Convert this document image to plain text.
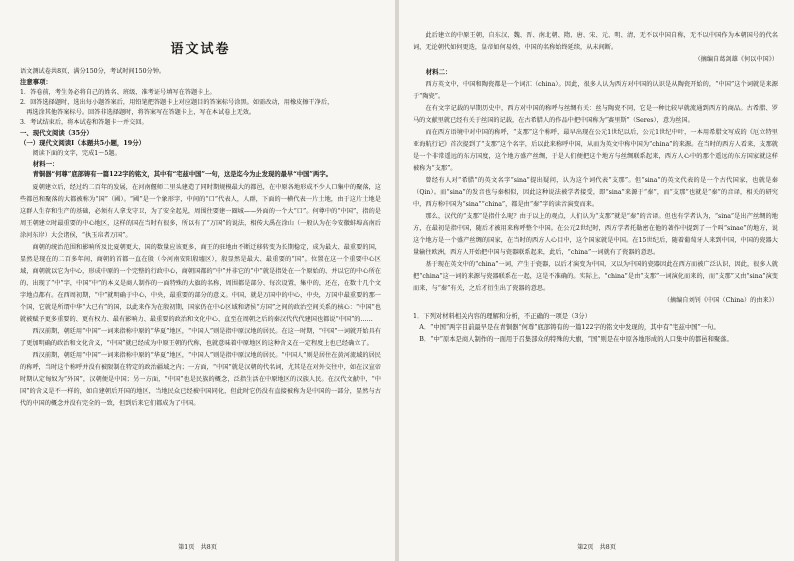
语文试卷

语文测试卷共8页，满分150分，考试时间150分钟。

注意事项：

1．答卷前，考生务必将自己的姓名、班级、准考证号填写在答题卡上。

2．回答选择题时，选出每小题答案后，用铅笔把答题卡上对应题目的答案标号涂黑。如需改动，用橡皮擦干净后，

再选涂其他答案标号。回答非选择题时，将答案写在答题卡上，写在本试卷上无效。

3．考试结束后，将本试卷和答题卡一并交回。

一、现代文阅读（35分）

（一）现代文阅读Ⅰ（本题共5小题，19分）

阅读下面的文字，完成1～5题。

材料一：

青铜器“何尊”底部铸有一篇122字的铭文，其中有“宅兹中国”一句，这是迄今为止发现的最早“中国”两字。

夏朝建立后，经过约二百年的发展，在河南偃师二里头建造了同时期规模最大的都邑，在中原各地形成不少人口集中的聚落，这些都邑和聚落的大都被称为“国”（國）。“國”是一个象形字，中间的“口”代表人，人群，下面的一横代表一片土地，由于这片土地是这群人生存和生产的基础，必须有人拿戈守卫，为了安全起见，周围往要建一圈城——外面的一个大“口”。何尊中的“中国”，指的是周王朝建立时最重要的中心地区，这样的国在当时有很多，所以有了“万国”的说法，相传大禹在涂山（一般认为在今安徽蚌埠高南后涂河东岸）大会诸侯，“执玉帛者万国”。

商朝的统治范围和影响所及比夏朝更大，国的数量应该更多，商王的驻地由不断迁移转变为长期稳定，成为最大、最重要的国，显然是现在的二百多年间，商朝的首都一直在殷（今河南安阳殷墟区），殷显然是最大、最重要的“国”。位置在这一个重要中心区域，商朝就以它为中心，形成中原的一个完整的行政中心，商朝国都的“中”并非它的“中”就是指处在一个原始的、并以它的中心所在的、出现了“中”字，中国“中”的本义是商人制作的一面特殊的大旗的名称，周围都是部分、每次设置，集中的，还在，在数十几个文字地点都有。在西周初期，“中”就明确于中心，中央，最重要的部分的意义。中国，就是万国中的中心，中央，万国中最重要的那一个国，它就是所谓中华“大已有”的国，以此来作为在殷初期，国家仍在中心区域和诸侯“方国”之间的政治空间关系的核心：“中国”也就被赋予更多重要的、更有权力、最有影响力、最重要的政治和文化中心、直至在周朝之后的秦汉代代代建国也都说“中国”的……

西汉前期，朝廷用“中国”一词来指称中原的“华夏”地区，“中国人”则是指中原汉地的居民。在这一时期，“中国”一词就开始具有了更加明确的政治和文化含义，“中国”就已经成为中原王朝的代称，也就意味着中原地区的这种含义在一定程度上也已经确立了。

西汉前期，朝廷用“中国”一词来指称中原的“华夏”地区，“中国人”则是指中原汉地的居民。“中国人”则是居住在黄河流域的居民的称呼，当时这个称呼并没有被限制在特定的政治疆域之内；一方面，“中国”就是汉朝的代名词，尤其是在对外交往中，如在汉宣帝时期认定匈奴为“外国”，汉朝便是中国；另一方面，“中国”也是民族的概念，泛指生活在中原地区的汉族人民。在汉代文献中，“中国”的含义是不一样的，如自建朝后开国的地区，当地民众已经被中国同化，但此时它仍没有直接被称为是中国的一部分，显然与古代的中国的概念并没有完全的一致，但到后来它们都成为了中国。

第1页　共8页

此后建立的中原王朝，自东汉、魏、晋、南北朝、隋、唐、宋、元、明、清，无不以中国自称，无不以中国作为本朝国号的代名词，无论朝代如何更迭，皇帝如何易姓，中国的名称始终延续，从未间断。

（摘编自葛剑雄《何以中国》）

材料二：

西方英文中，中国和陶瓷都是一个词汇（china）。因此，很多人认为西方对中国的认识是从陶瓷开始的，“中国”这个词就是来源于“陶瓷”。

在有文字记载的早期历史中，西方对中国的称呼与丝绸有关：丝与陶瓷不同，它是一种比较早就流通到西方的商品。古希腊、罗马的文献里就已经有关于丝国的记载，在古希腊人的作品中把中国称为“赛里斯”（Seres），意为丝国。

而在西方语境中对中国的称呼，“支那”这个称呼，最早出现在公元1世纪以后，公元1世纪中叶，一本用希腊文写成的《厄立特里亚海航行记》首次提到了“支那”这个名字，后以此来称呼中国，从而为英文中称中国为“china”的来源。在当时的西方人看来，支那就是一个非常遥远的东方国度，这个地方盛产丝绸，于是人们便把这个地方与丝绸联系起来，西方人心中的那个遥远的东方国家就这样被称为“支那”。

曾经有人对“希腊”的英文名字“sina”提出疑问，认为这个词代表“支那”。但“sina”的英文代表的是一个古代国家，也就是秦（Qin）。而“sina”的发音也与秦相似，因此这种说法被学者接受，即“sina”来源于“秦”，而“支那”也就是“秦”的音译，相关的研究中，西方称中国为“sina”“china”，都是由“秦”字的读音演变而来。

那么，汉代的“支那”是指什么呢？由于以上的观点，人们认为“支那”就是“秦”的音译。但也有学者认为，“sina”是出产丝绸的地方，在最初是指中国，随后才被用来称呼整个中国。在公元2世纪时，西方学者托勒密在他的著作中提到了一个叫“sinae”的地方，说这个地方是一个盛产丝绸的国家，在当时的西方人心目中，这个国家就是中国。在15世纪后，随着葡萄牙人来到中国，中国的瓷器大量输往欧洲，西方人开始把中国与瓷器联系起来，此后，“china”一词就有了瓷器的意思。

基于现在英文中的“china”一词，产生于瓷器，以后才演变为中国，又以为中国的瓷器因此在西方而被广泛认识，因此，很多人就把“china”这一词的来源与瓷器联系在一起，这是不准确的。实际上，“china”是由“支那”一词演化而来的，而“支那”又由“sina”演变而来，与“秦”有关，之后才衍生出了瓷器的意思。

（摘编自刘钊《中国（China）的由来》）

1．下列对材料相关内容的理解和分析，不正确的一项是（3分）

A．“中国”两字目前最早是在青铜器“何尊”底部铸有的一篇122字的铭文中发现的，其中有“宅兹中国”一句。

B．“中”原本是商人制作的一面用于召集部众的特殊的大旗，“国”则是在中原各地形成的人口集中的都邑和聚落。

第2页　共8页
